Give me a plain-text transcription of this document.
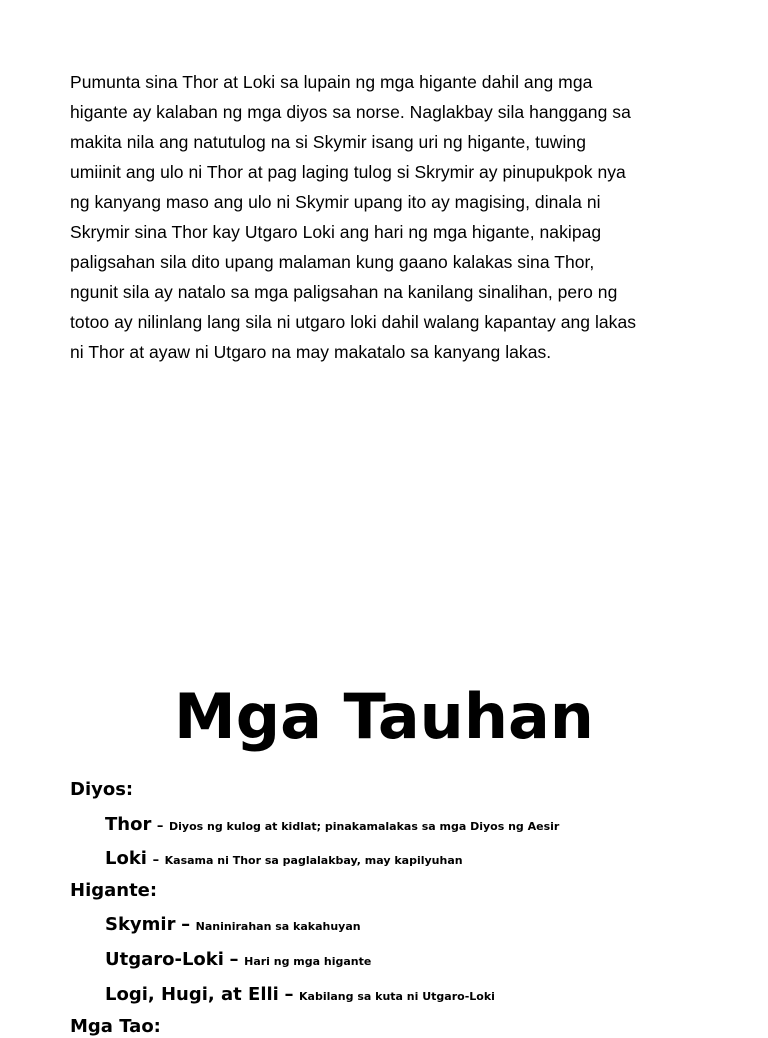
Pumunta sina Thor at Loki sa lupain ng mga higante dahil ang mga
higante ay kalaban ng mga diyos sa norse. Naglakbay sila hanggang sa
makita nila ang natutulog na si Skymir isang uri ng higante, tuwing
umiinit ang ulo ni Thor at pag laging tulog si Skrymir ay pinupukpok nya
ng kanyang maso ang ulo ni Skymir upang ito ay magising, dinala ni
Skrymir sina Thor kay Utgaro Loki ang hari ng mga higante, nakipag
paligsahan sila dito upang malaman kung gaano kalakas sina Thor,
ngunit sila ay natalo sa mga paligsahan na kanilang sinalihan, pero ng
totoo ay nilinlang lang sila ni utgaro loki dahil walang kapantay ang lakas
ni Thor at ayaw ni Utgaro na may makatalo sa kanyang lakas.
Mga Tauhan
Diyos:
Thor – Diyos ng kulog at kidlat; pinakamalakas sa mga Diyos ng Aesir
Loki – Kasama ni Thor sa paglalakbay, may kapilyuhan
Higante:
Skymir – Naninirahan sa kakahuyan
Utgaro-Loki – Hari ng mga higante
Logi, Hugi, at Elli – Kabilang sa kuta ni Utgaro-Loki
Mga Tao:
